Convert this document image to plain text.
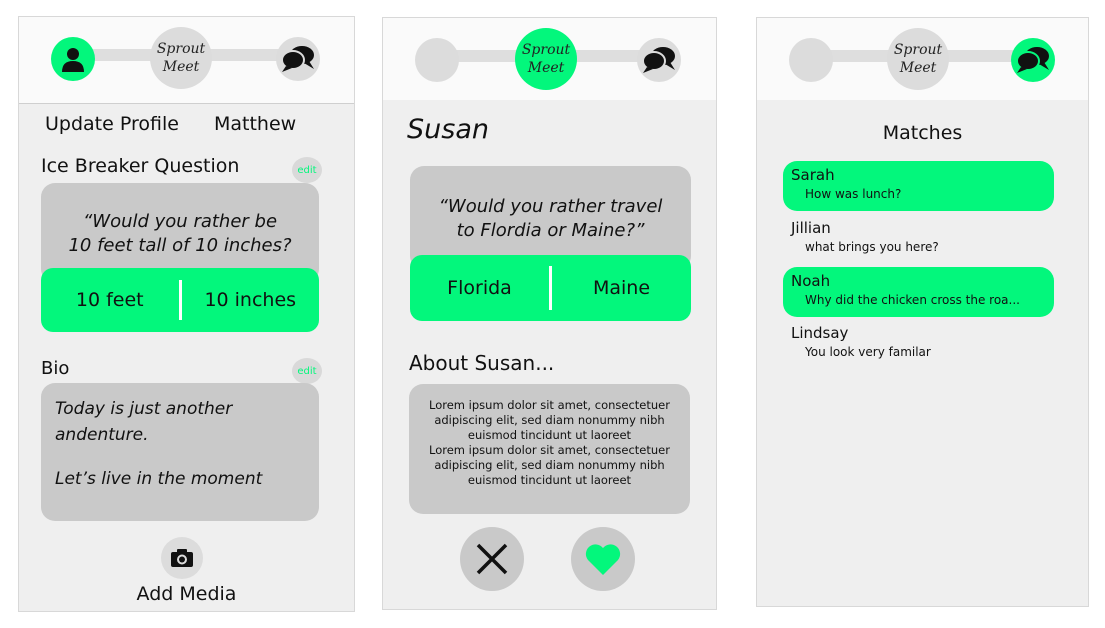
Sprout
Meet
Update Profile Matthew
Ice Breaker Question	edit
“Would you rather be
10 feet tall of 10 inches?
10 feet	10 inches
Bio	edit
Today is just another
andenture.
Let’s live in the moment
Add Media
Sprout
Meet
Susan
“Would you rather travel
to Flordia or Maine?”
Florida	Maine
About Susan...
Lorem ipsum dolor sit amet, consectetuer
adipiscing elit, sed diam nonummy nibh
euismod tincidunt ut laoreet
Lorem ipsum dolor sit amet, consectetuer
adipiscing elit, sed diam nonummy nibh
euismod tincidunt ut laoreet
Sprout
Meet
Matches
Sarah
How was lunch?
Jillian
what brings you here?
Noah
Why did the chicken cross the roa...
Lindsay
You look very familar
